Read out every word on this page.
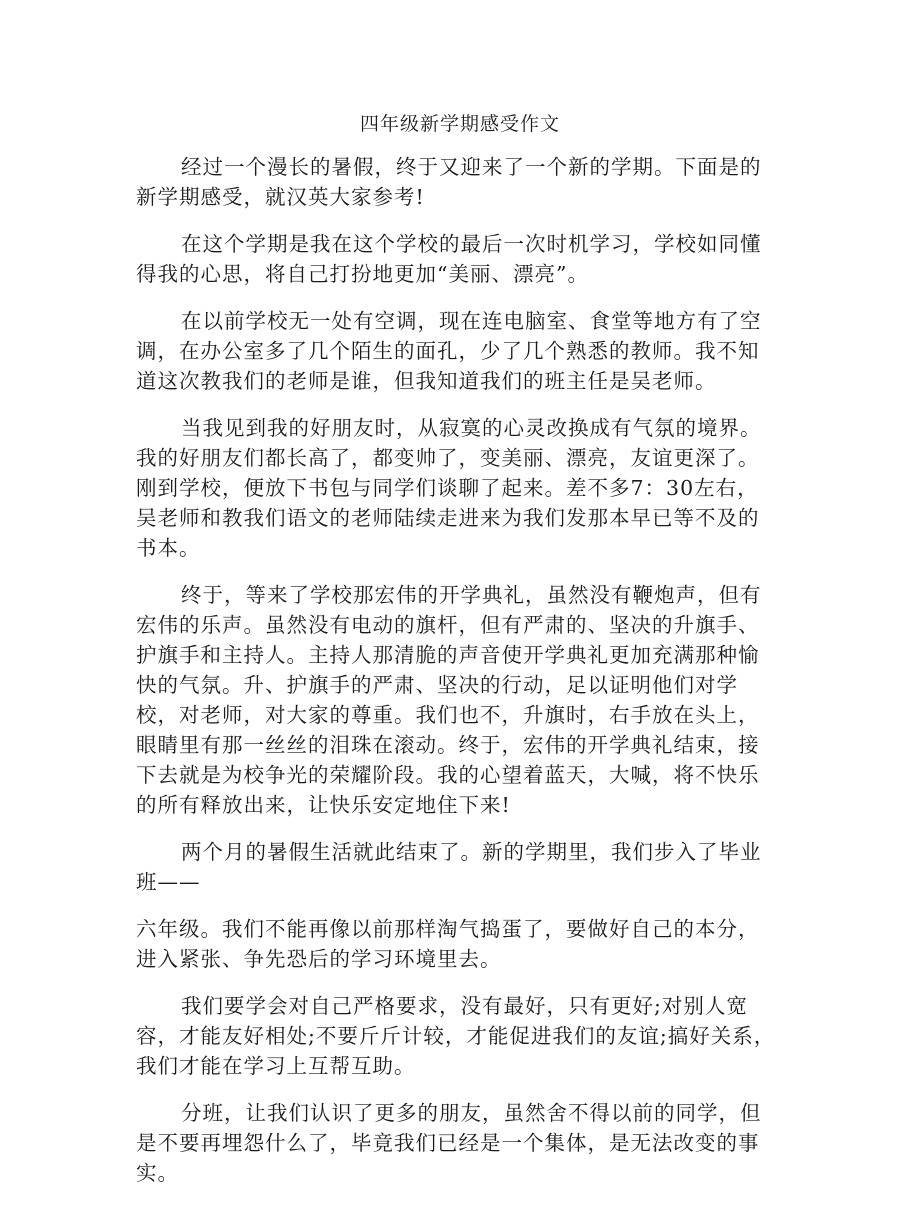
四年级新学期感受作文

经过一个漫长的暑假，终于又迎来了一个新的学期。下面是的新学期感受，就汉英大家参考!

在这个学期是我在这个学校的最后一次时机学习，学校如同懂得我的心思，将自己打扮地更加“美丽、漂亮”。

在以前学校无一处有空调，现在连电脑室、食堂等地方有了空调，在办公室多了几个陌生的面孔，少了几个熟悉的教师。我不知道这次教我们的老师是谁，但我知道我们的班主任是吴老师。

当我见到我的好朋友时，从寂寞的心灵改换成有气氛的境界。我的好朋友们都长高了，都变帅了，变美丽、漂亮，友谊更深了。刚到学校，便放下书包与同学们谈聊了起来。差不多7：30左右，吴老师和教我们语文的老师陆续走进来为我们发那本早已等不及的书本。

终于，等来了学校那宏伟的开学典礼，虽然没有鞭炮声，但有宏伟的乐声。虽然没有电动的旗杆，但有严肃的、坚决的升旗手、护旗手和主持人。主持人那清脆的声音使开学典礼更加充满那种愉快的气氛。升、护旗手的严肃、坚决的行动，足以证明他们对学校，对老师，对大家的尊重。我们也不，升旗时，右手放在头上，眼睛里有那一丝丝的泪珠在滚动。终于，宏伟的开学典礼结束，接下去就是为校争光的荣耀阶段。我的心望着蓝天，大喊，将不快乐的所有释放出来，让快乐安定地住下来!

两个月的暑假生活就此结束了。新的学期里，我们步入了毕业班——

六年级。我们不能再像以前那样淘气捣蛋了，要做好自己的本分，进入紧张、争先恐后的学习环境里去。

我们要学会对自己严格要求，没有最好，只有更好;对别人宽容，才能友好相处;不要斤斤计较，才能促进我们的友谊;搞好关系，我们才能在学习上互帮互助。

分班，让我们认识了更多的朋友，虽然舍不得以前的同学，但是不要再埋怨什么了，毕竟我们已经是一个集体，是无法改变的事实。
